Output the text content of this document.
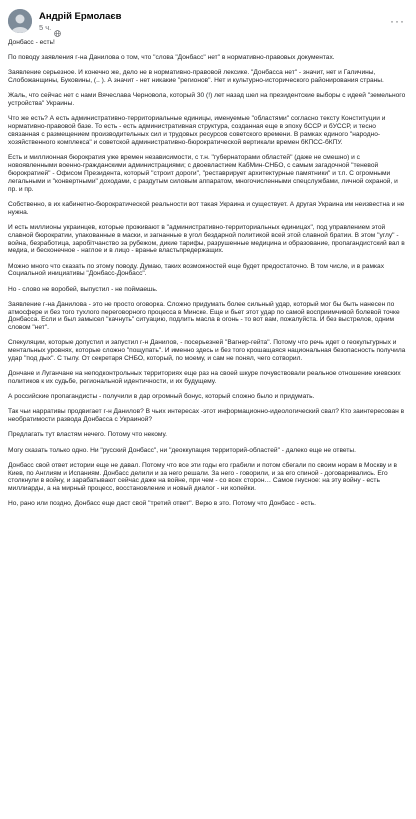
Андрій Ермолаєв
5 ч.	···

Донбасс - есть!

По поводу заявления г-на Данилова о том, что "слова "Донбасс" нет" в нормативно-правовых документах.

Заявление серьезное. И конечно же, дело не в нормативно-правовой лексике. "Донбасса нет" - значит, нет и Галичины, Слобожанщины, Буковины, (.. ). А значит - нет никакие "регионов". Нет и культурно-исторического районирования страны.

Жаль, что сейчас нет с нами Вячеслава Черновола, который 30 (!) лет назад шел на президентские выборы с идеей "земельного устройства" Украины.

Что же есть? А есть административно-территориальные единицы, именуемые "областями" согласно тексту Конституции и нормативно-правовой базе. То есть - есть административная структура, созданная еще в эпоху бССР и бУССР, и тесно связанная с размещением производительных сил и трудовых ресурсов советского времени. В рамках единого "народно-хозяйственного комплекса" и советской административно-бюрократической вертикали времен бКПСС-бКПУ.

Есть и миллионная бюрократия уже времен независимости, с т.н. "губернаторами областей" (даже не смешно) и с новоявленными военно-гражданскими администрациями; с двоевластием КабМин-СНБО, с самым загадочной "теневой бюрократией" - Офисом Президента, который "строит дороги", "реставрирует архитектурные памятники" и т.п. С огромными легальными и "конвертными" доходами, с раздутым силовым аппаратом, многочисленными спецслужбами, личной охраной, и пр. и пр.

Собственно, в их кабинетно-бюрократической реальности вот такая Украина и существует. А другая Украина им неизвестна и не нужна.

И есть миллионы украинцев, которые проживают в "административно-территориальных единицах", под управлением этой славной бюрократии, упакованные в маски, и загнанные в угол бездарной политикой всей этой славной братии. В этом "углу" - война, безработица, заробітчанство за рубежом, дикие тарифы, разрушенные медицина и образование, пропагандистский вал в медиа, и бесконечное - наглое и в лицо - вранье властьпредержащих.

Можно много что сказать по этому поводу. Думаю, таких возможностей еще будет предостаточно. В том числе, и в рамках Социальной инициативы "Донбасс-Донбасс".

Но - слово не воробей, выпустил - не поймаешь.

Заявление г-на Данилова - это не просто оговорка. Сложно придумать более сильный удар, который мог бы быть нанесен по атмосфере и без того тухлого переговорного процесса в Минске. Еще и бьет этот удар по самой восприимчивой болевой точке Донбасса. Если и был замысел "качнуть" ситуацию, подлить масла в огонь - то вот вам, пожалуйста. И без выстрелов, одним словом "нет".

Спекуляции, которые допустил и запустил г-н Данилов, - посерьезней "Вагнер-гейта". Потому что речь идет о геокультурных и ментальных уровнях, которые сложно "пощупать". И именно здесь и без того крошащаяся национальная безопасность получила удар "под дых". С тылу. От секретаря СНБО, который, по моему, и сам не понял, чего сотворил.

Дончане и Луганчане на неподконтрольных территориях еще раз на своей шкуре почувствовали реальное отношение киевских политиков к их судьбе, региональной идентичности, и их будущему.

А российские пропагандисты - получили в дар огромный бонус, который сложно было и придумать.

Так чьи нарративы продвигает г-н Данилов? В чьих интересах -этот информационно-идеологический свал? Кто заинтересован в необратимости развода Донбасса с Украиной?

Предлагать тут властям нечего. Потому что некому.

Могу сказать только одно. Ни "русский Донбасс", ни "деоккупация территорий-областей" - далеко еще не ответы.

Донбасс свой ответ истории еще не давал. Потому что все эти годы его грабили и потом сбегали по своим норам в Москву и в Киев, по Англиям и Испаниям. Донбасс делили и за него решали. За него - говорили, и за его спиной - договаривались. Его столкнули в войну, и зарабатывают сейчас даже на войне, при чем - со всех сторон… Самое гнусное: на эту войну - есть миллиарды, а на мирный процесс, восстановление и новый диалог - ни копейки.

Но, рано или поздно, Донбасс еще даст свой "третий ответ". Верю в это. Потому что Донбасс - есть.
